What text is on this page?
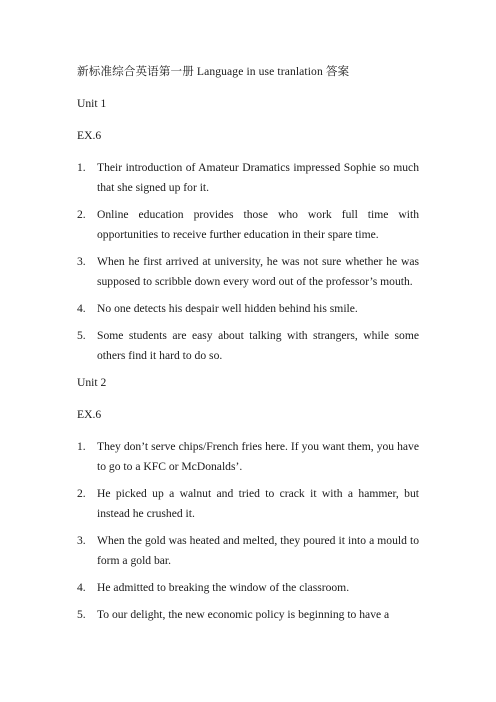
新标准综合英语第一册 Language in use tranlation 答案
Unit 1
EX.6
1. Their introduction of Amateur Dramatics impressed Sophie so much that she signed up for it.
2. Online education provides those who work full time with opportunities to receive further education in their spare time.
3. When he first arrived at university, he was not sure whether he was supposed to scribble down every word out of the professor’s mouth.
4. No one detects his despair well hidden behind his smile.
5. Some students are easy about talking with strangers, while some others find it hard to do so.
Unit 2
EX.6
1. They don’t serve chips/French fries here. If you want them, you have to go to a KFC or McDonalds’.
2. He picked up a walnut and tried to crack it with a hammer, but instead he crushed it.
3. When the gold was heated and melted, they poured it into a mould to form a gold bar.
4. He admitted to breaking the window of the classroom.
5. To our delight, the new economic policy is beginning to have a
